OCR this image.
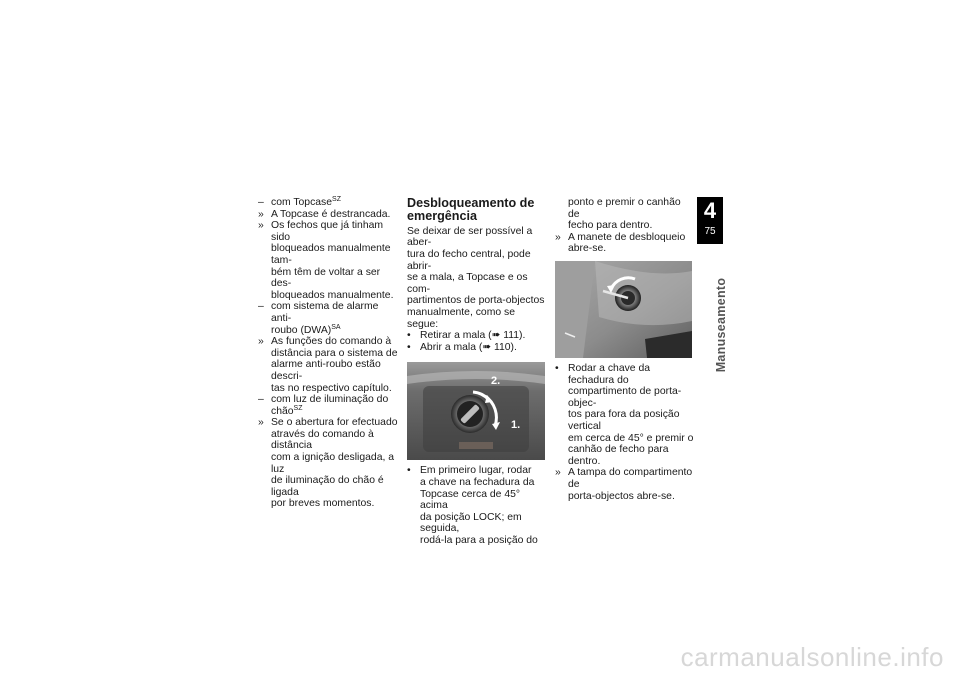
– com Topcase$^{SZ}$

» A Topcase é destrancada.

» Os fechos que já tinham sido

bloqueados manualmente tam-

bém têm de voltar a ser des-

bloqueados manualmente.

– com sistema de alarme anti-

roubo (DWA)$^{SA}$

» As funções do comando à

distância para o sistema de

alarme anti-roubo estão descri-

tas no respectivo capítulo.

– com luz de iluminação do

chão$^{SZ}$

» Se o abertura for efectuado

através do comando à distância

com a ignição desligada, a luz

de iluminação do chão é ligada

por breves momentos.

Desbloqueamento de
emergência

Se deixar de ser possível a aber-

tura do fecho central, pode abrir-

se a mala, a Topcase e os com-

partimentos de porta-objectos

manualmente, como se segue:

• Retirar a mala (➠ 111).

• Abrir a mala (➠ 110).

2.
1.

• Em primeiro lugar, rodar

a chave na fechadura da

Topcase cerca de 45° acima

da posição LOCK; em seguida,

rodá-la para a posição do

ponto e premir o canhão de

fecho para dentro.

» A manete de desbloqueio

abre-se.

• Rodar a chave da fechadura do

compartimento de porta-objec-

tos para fora da posição vertical

em cerca de 45° e premir o

canhão de fecho para dentro.

» A tampa do compartimento de

porta-objectos abre-se.

4
75
Manuseamento
carmanualsonline.info
